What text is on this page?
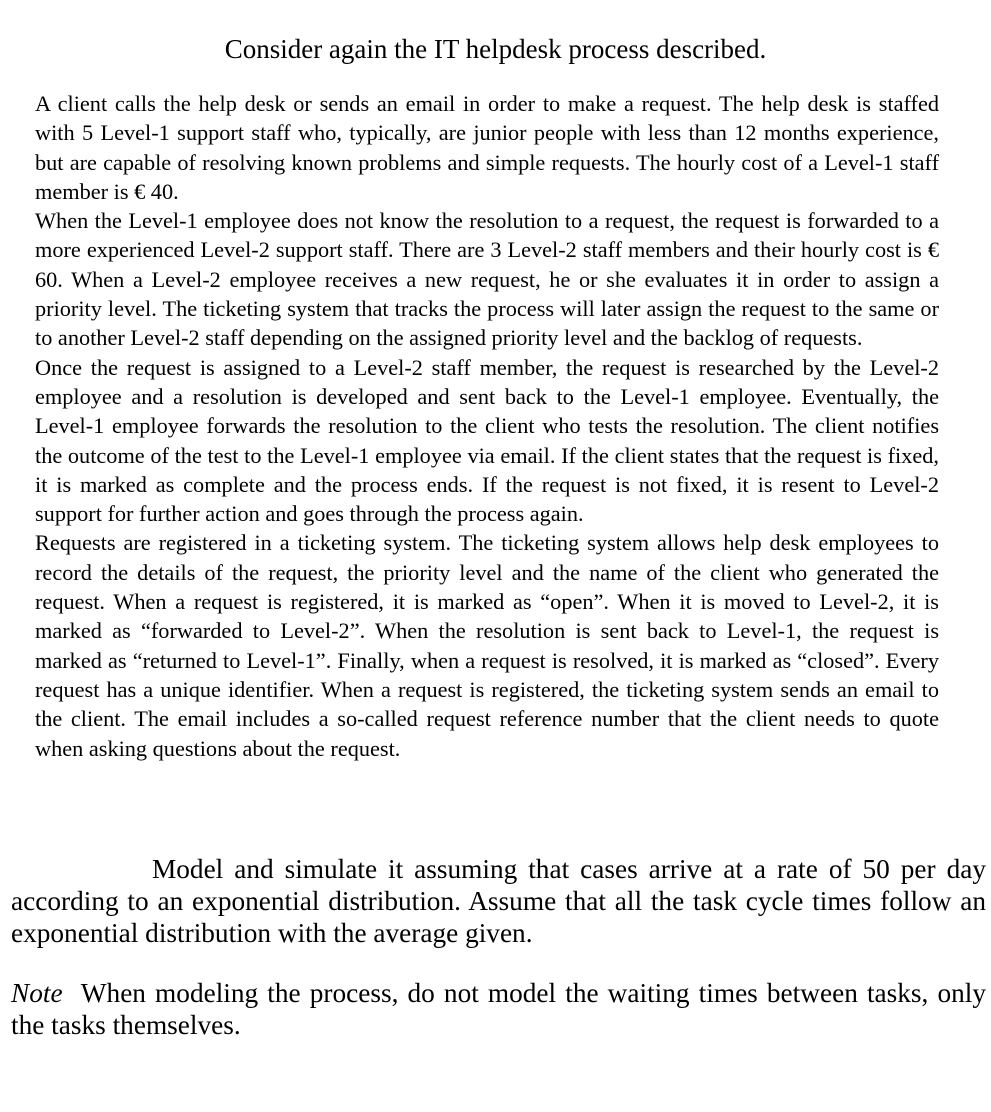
Consider again the IT helpdesk process described.

A client calls the help desk or sends an email in order to make a request. The help desk is staffed with 5 Level-1 support staff who, typically, are junior people with less than 12 months experience, but are capable of resolving known problems and simple requests. The hourly cost of a Level-1 staff member is € 40.

When the Level-1 employee does not know the resolution to a request, the request is forwarded to a more experienced Level-2 support staff. There are 3 Level-2 staff members and their hourly cost is € 60. When a Level-2 employee receives a new request, he or she evaluates it in order to assign a priority level. The ticketing system that tracks the process will later assign the request to the same or to another Level-2 staff depending on the assigned priority level and the backlog of requests.

Once the request is assigned to a Level-2 staff member, the request is researched by the Level-2 employee and a resolution is developed and sent back to the Level-1 employee. Eventually, the Level-1 employee forwards the resolution to the client who tests the resolution. The client notifies the outcome of the test to the Level-1 employee via email. If the client states that the request is fixed, it is marked as complete and the process ends. If the request is not fixed, it is resent to Level-2 support for further action and goes through the process again.

Requests are registered in a ticketing system. The ticketing system allows help desk employees to record the details of the request, the priority level and the name of the client who generated the request. When a request is registered, it is marked as “open”. When it is moved to Level-2, it is marked as “forwarded to Level-2”. When the resolution is sent back to Level-1, the request is marked as “returned to Level-1”. Finally, when a request is resolved, it is marked as “closed”. Every request has a unique identifier. When a request is registered, the ticketing system sends an email to the client. The email includes a so-called request reference number that the client needs to quote when asking questions about the request.

Model and simulate it assuming that cases arrive at a rate of 50 per day according to an exponential distribution. Assume that all the task cycle times follow an exponential distribution with the average given.

Note When modeling the process, do not model the waiting times between tasks, only the tasks themselves.
